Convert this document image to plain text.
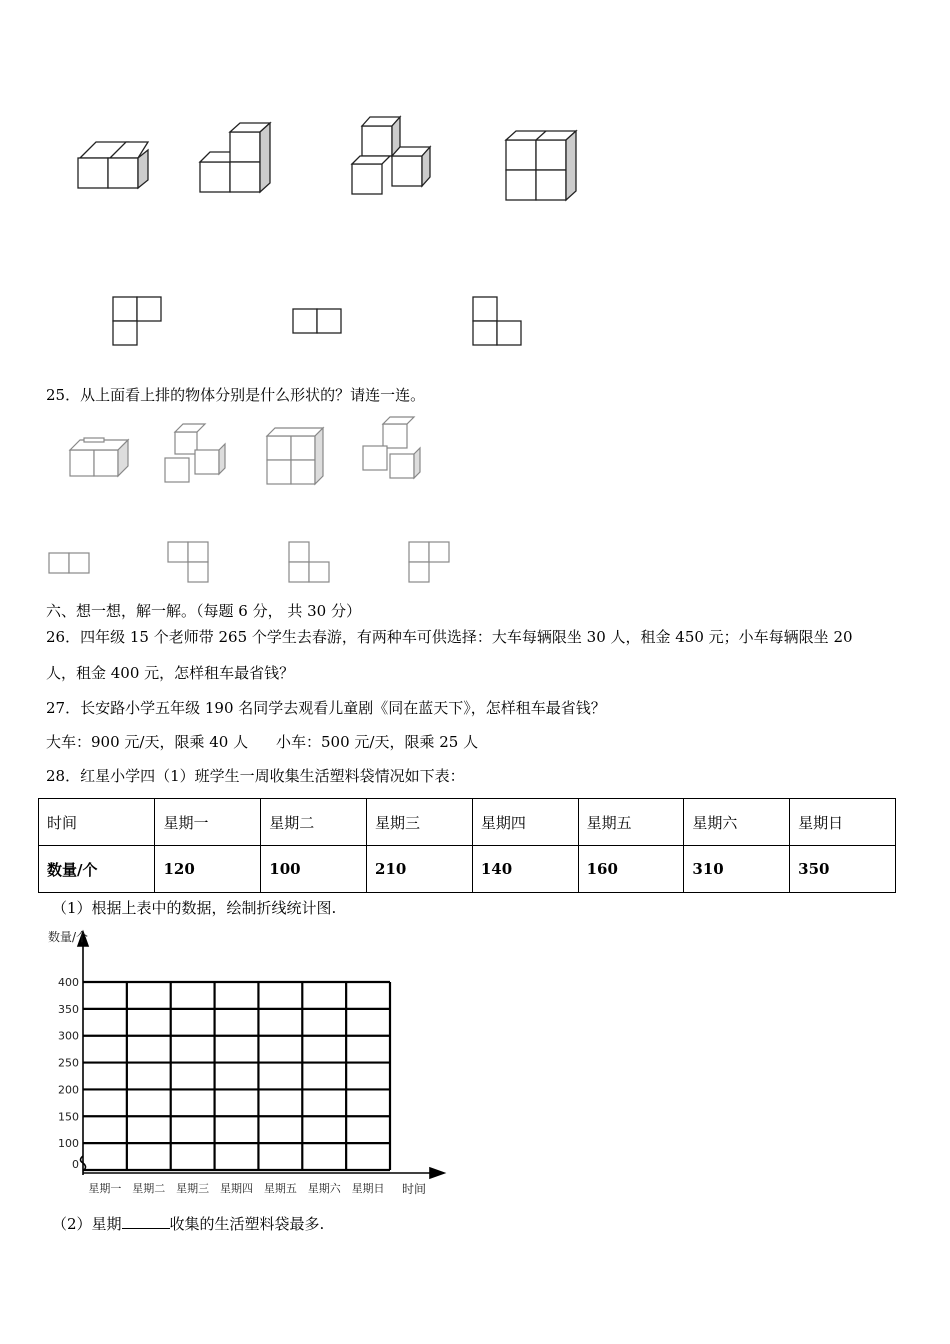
25．从上面看上排的物体分别是什么形状的？请连一连。
六、想一想，解一解。（每题 6 分， 共 30 分）
26．四年级 15 个老师带 265 个学生去春游，有两种车可供选择：大车每辆限坐 30 人，租金 450 元；小车每辆限坐 20
人，租金 400 元，怎样租车最省钱？
27．长安路小学五年级 190 名同学去观看儿童剧《同在蓝天下》，怎样租车最省钱？
大车：900 元/天，限乘 40 人 小车：500 元/天，限乘 25 人
28．红星小学四（1）班学生一周收集生活塑料袋情况如下表：
时间	星期一	星期二	星期三	星期四	星期五	星期六	星期日
数量/个	120	100	210	140	160	310	350
（1）根据上表中的数据，绘制折线统计图.
400
350
300
250
200
150
100
0
星期一 星期二 星期三 星期四 星期五 星期六 星期日
数量/个
时间
（2）星期	收集的生活塑料袋最多.
